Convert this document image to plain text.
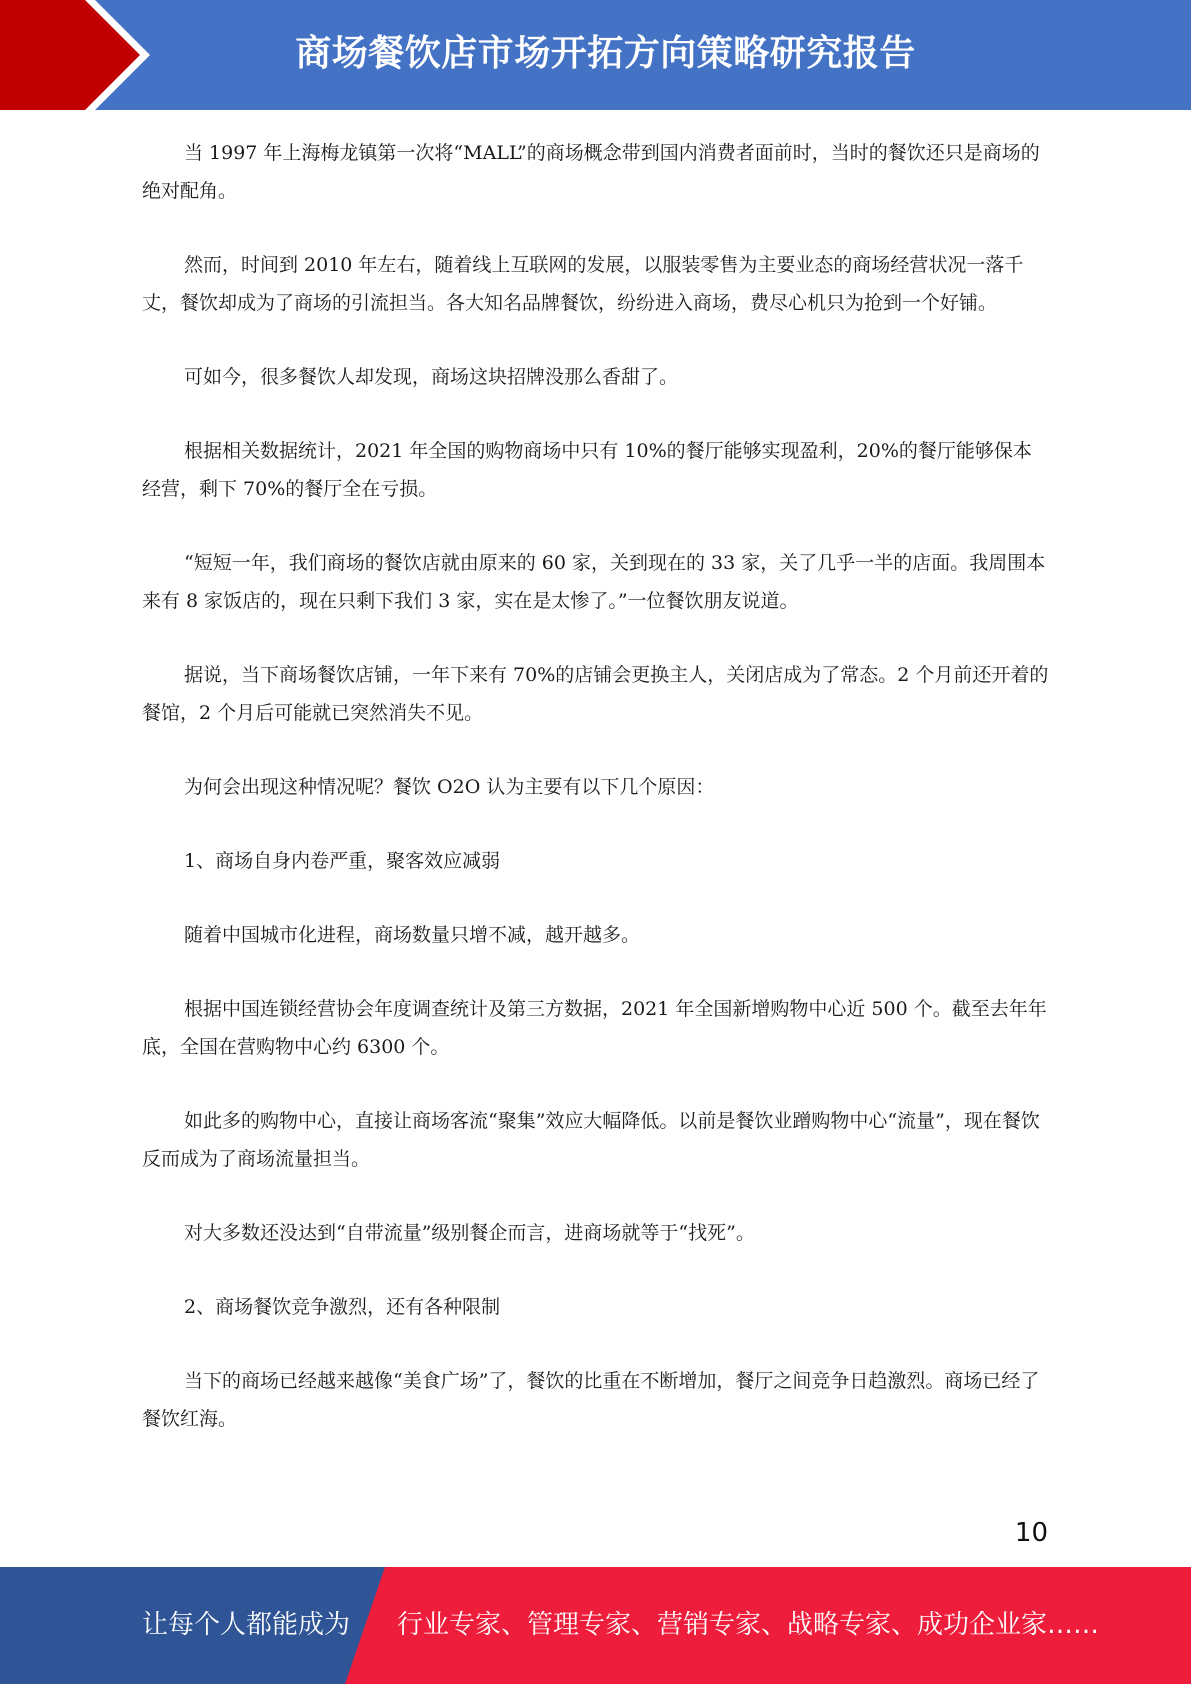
商场餐饮店市场开拓方向策略研究报告

当 1997 年上海梅龙镇第一次将“MALL”的商场概念带到国内消费者面前时，当时的餐饮还只是商场的绝对配角。

然而，时间到 2010 年左右，随着线上互联网的发展，以服装零售为主要业态的商场经营状况一落千丈，餐饮却成为了商场的引流担当。各大知名品牌餐饮，纷纷进入商场，费尽心机只为抢到一个好铺。

可如今，很多餐饮人却发现，商场这块招牌没那么香甜了。

根据相关数据统计，2021 年全国的购物商场中只有 10%的餐厅能够实现盈利，20%的餐厅能够保本经营，剩下 70%的餐厅全在亏损。

“短短一年，我们商场的餐饮店就由原来的 60 家，关到现在的 33 家，关了几乎一半的店面。我周围本来有 8 家饭店的，现在只剩下我们 3 家，实在是太惨了。”一位餐饮朋友说道。

据说，当下商场餐饮店铺，一年下来有 70%的店铺会更换主人，关闭店成为了常态。2 个月前还开着的餐馆，2 个月后可能就已突然消失不见。

为何会出现这种情况呢？餐饮 O2O 认为主要有以下几个原因：

1、商场自身内卷严重，聚客效应减弱

随着中国城市化进程，商场数量只增不减，越开越多。

根据中国连锁经营协会年度调查统计及第三方数据，2021 年全国新增购物中心近 500 个。截至去年年底，全国在营购物中心约 6300 个。

如此多的购物中心，直接让商场客流“聚集”效应大幅降低。以前是餐饮业蹭购物中心“流量”，现在餐饮反而成为了商场流量担当。

对大多数还没达到“自带流量”级别餐企而言，进商场就等于“找死”。

2、商场餐饮竞争激烈，还有各种限制

当下的商场已经越来越像“美食广场”了，餐饮的比重在不断增加，餐厅之间竞争日趋激烈。商场已经了餐饮红海。

10
让每个人都能成为 行业专家、管理专家、营销专家、战略专家、成功企业家……
